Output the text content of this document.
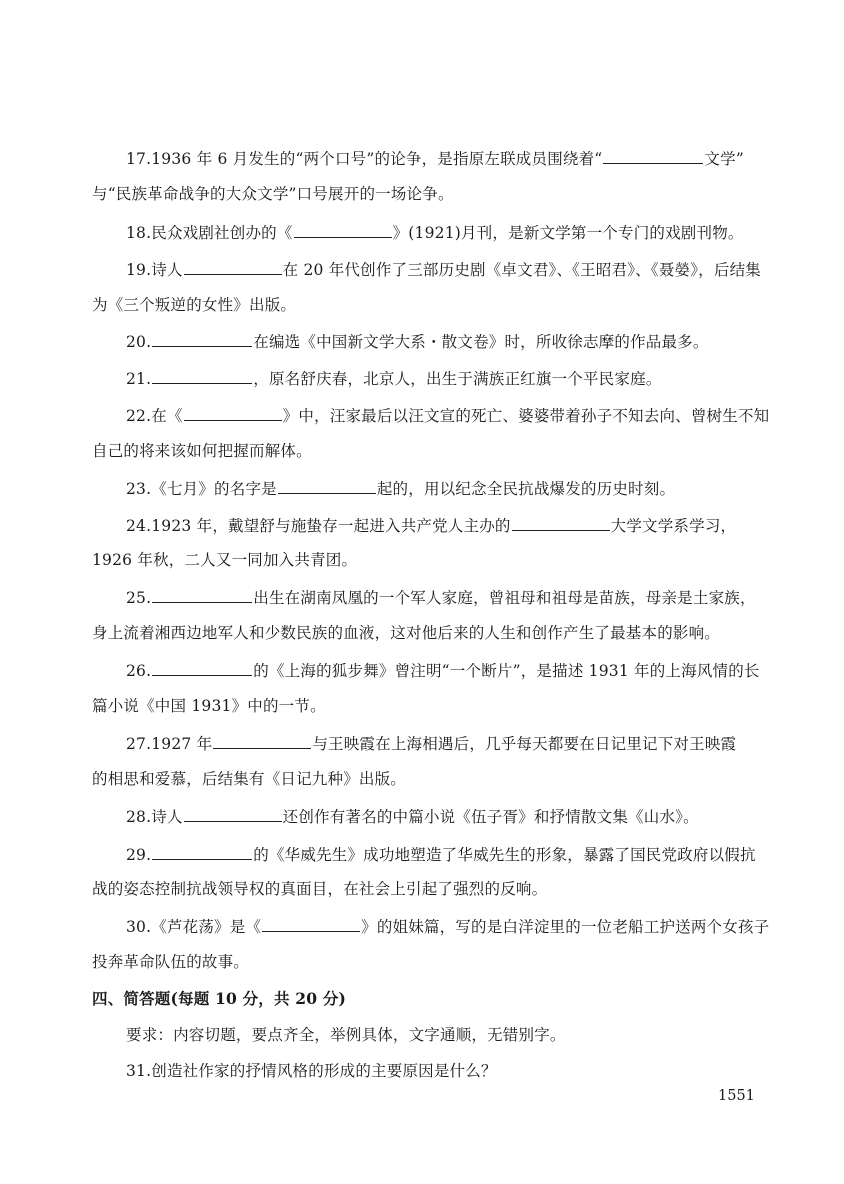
17.1936 年 6 月发生的“两个口号”的论争，是指原左联成员围绕着“	文学”
与“民族革命战争的大众文学”口号展开的一场论争。
18.民众戏剧社创办的《	》(1921)月刊，是新文学第一个专门的戏剧刊物。
19.诗人	在 20 年代创作了三部历史剧《卓文君》、《王昭君》、《聂嫈》，后结集
为《三个叛逆的女性》出版。
20.	在编选《中国新文学大系・散文卷》时，所收徐志摩的作品最多。
21.	，原名舒庆春，北京人，出生于满族正红旗一个平民家庭。
22.在《	》中，汪家最后以汪文宣的死亡、婆婆带着孙子不知去向、曾树生不知
自己的将来该如何把握而解体。
23.《七月》的名字是	起的，用以纪念全民抗战爆发的历史时刻。
24.1923 年，戴望舒与施蛰存一起进入共产党人主办的	大学文学系学习，
1926 年秋，二人又一同加入共青团。
25.	出生在湖南凤凰的一个军人家庭，曾祖母和祖母是苗族，母亲是土家族，
身上流着湘西边地军人和少数民族的血液，这对他后来的人生和创作产生了最基本的影响。
26.	的《上海的狐步舞》曾注明“一个断片”，是描述 1931 年的上海风情的长
篇小说《中国 1931》中的一节。
27.1927 年	与王映霞在上海相遇后，几乎每天都要在日记里记下对王映霞
的相思和爱慕，后结集有《日记九种》出版。
28.诗人	还创作有著名的中篇小说《伍子胥》和抒情散文集《山水》。
29.	的《华威先生》成功地塑造了华威先生的形象，暴露了国民党政府以假抗
战的姿态控制抗战领导权的真面目，在社会上引起了强烈的反响。
30.《芦花荡》是《	》的姐妹篇，写的是白洋淀里的一位老船工护送两个女孩子
投奔革命队伍的故事。
四、简答题(每题 10 分，共 20 分)
要求：内容切题，要点齐全，举例具体，文字通顺，无错别字。
31.创造社作家的抒情风格的形成的主要原因是什么？
1551
